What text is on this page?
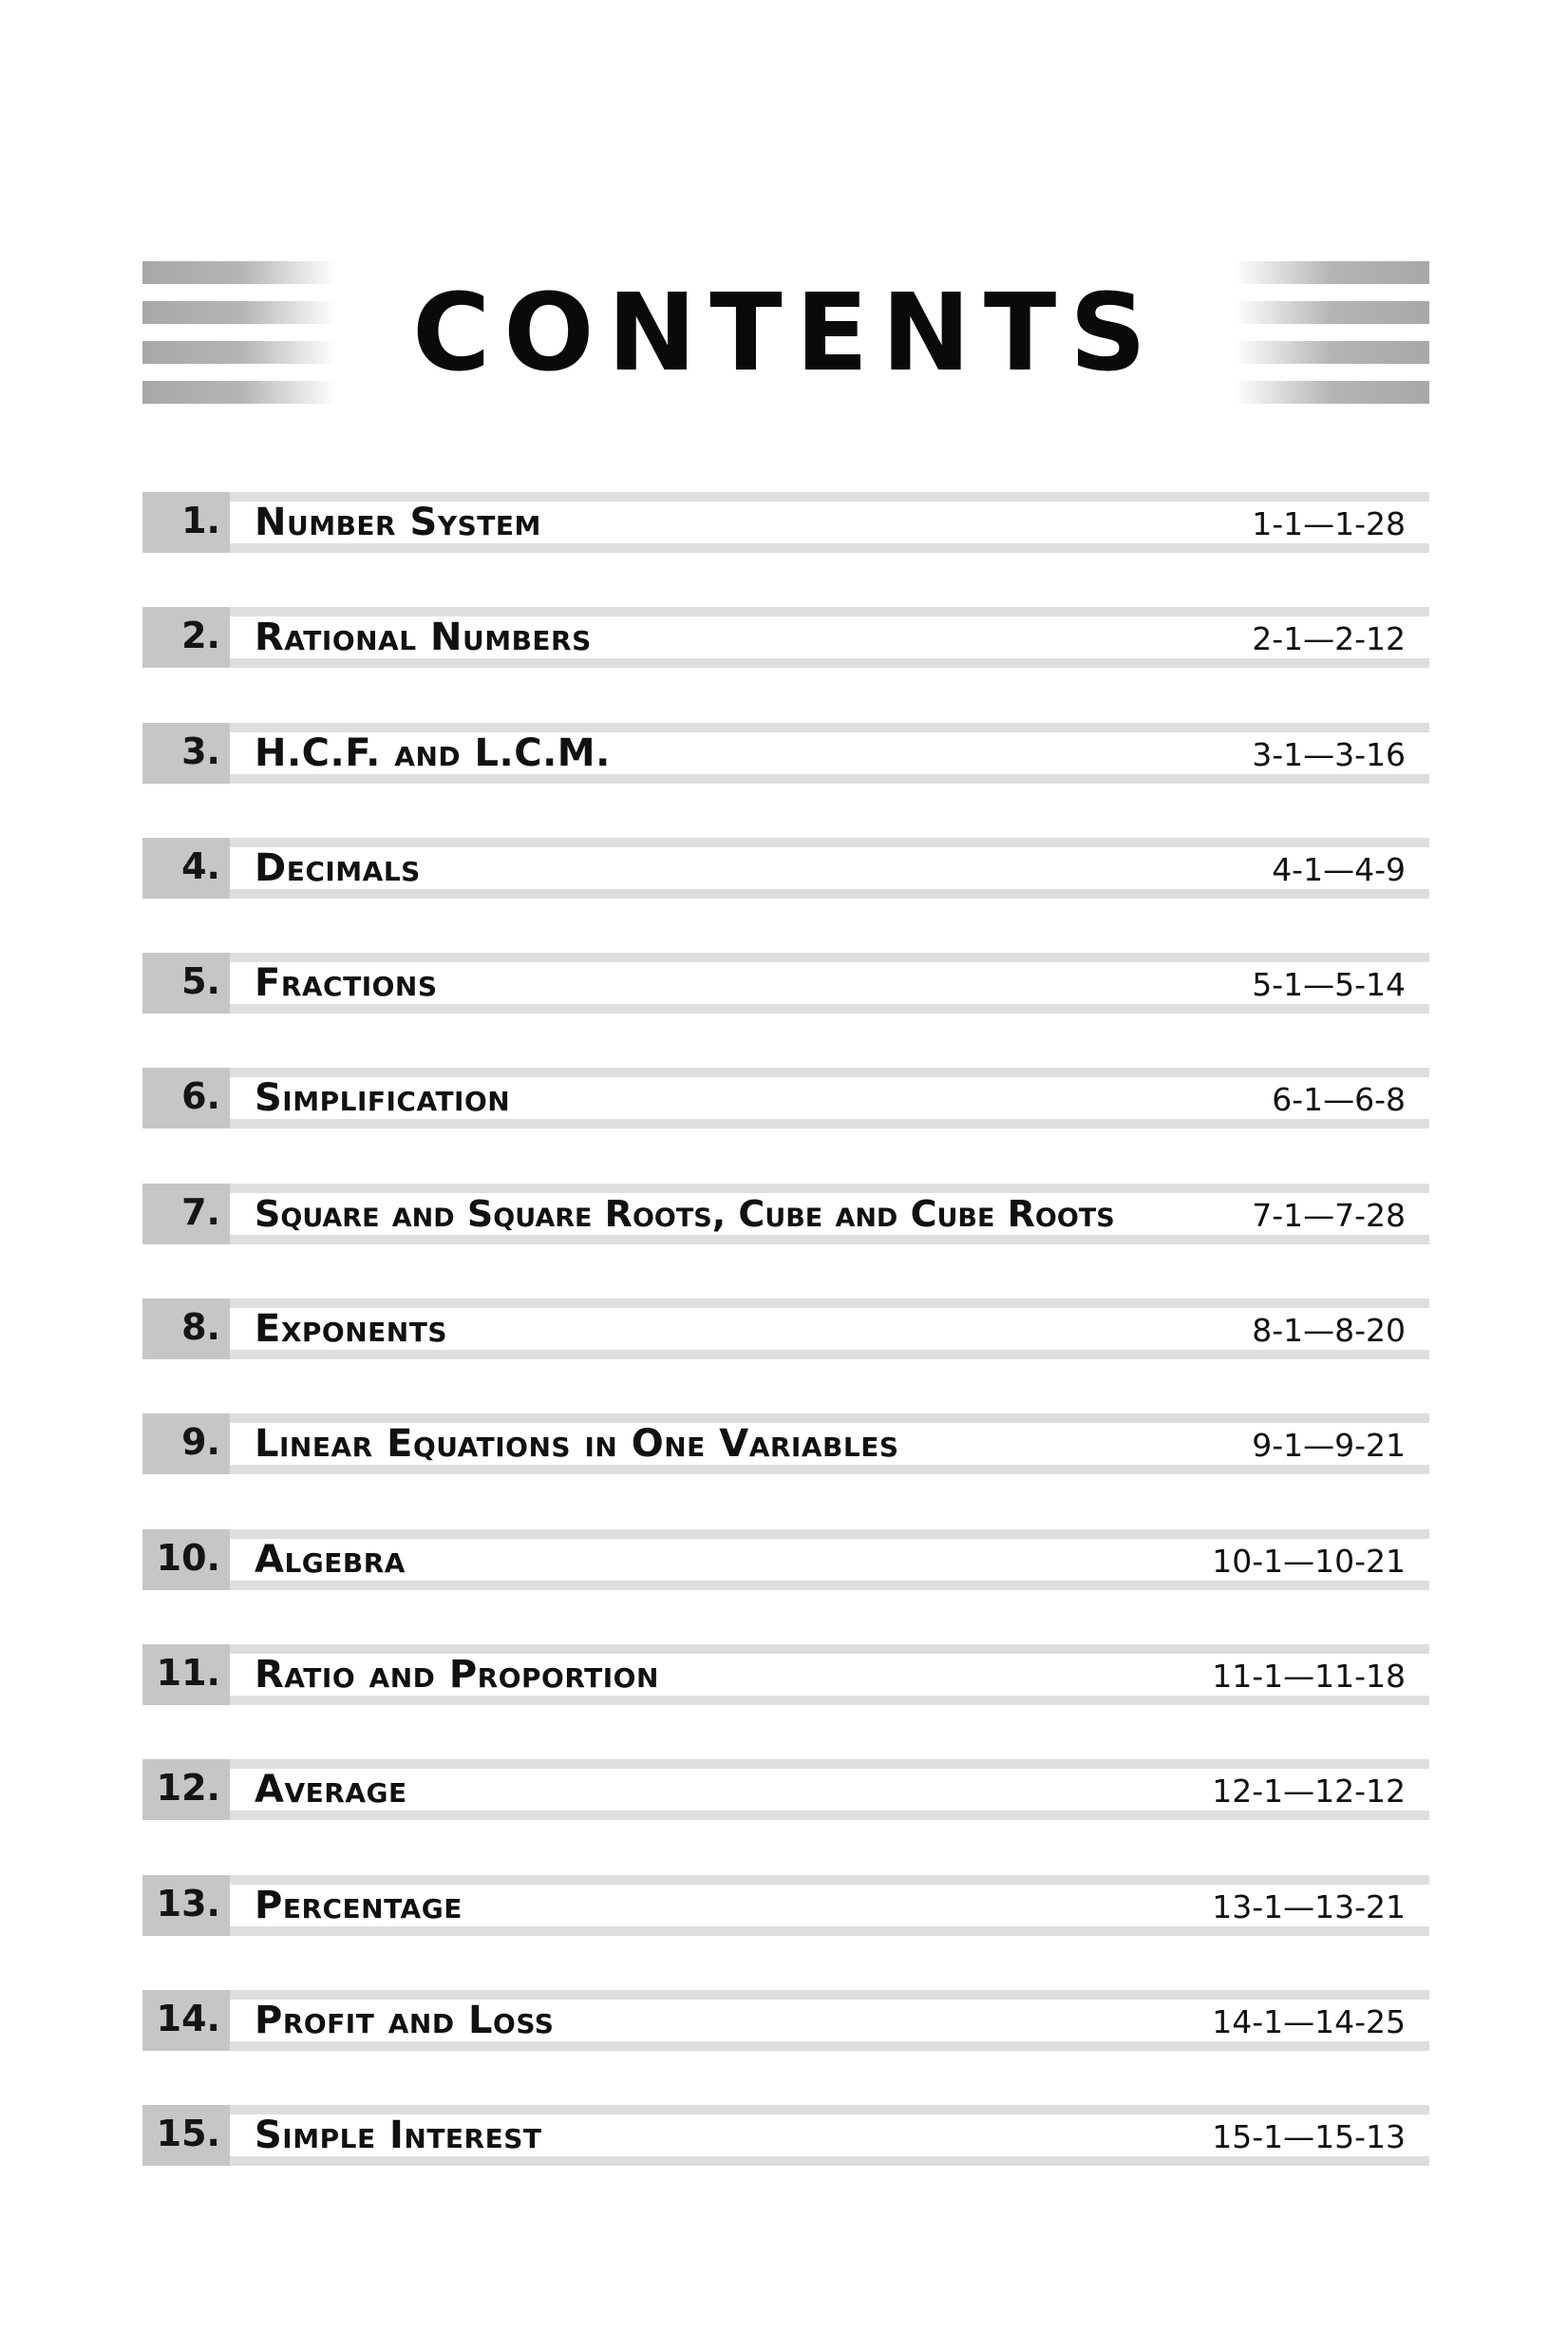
CONTENTS
1. Number System	1-1—1-28
2. Rational Numbers	2-1—2-12
3. H.C.F. and L.C.M.	3-1—3-16
4. Decimals	4-1—4-9
5. Fractions	5-1—5-14
6. Simplification	6-1—6-8
7. Square and Square Roots, Cube and Cube Roots	7-1—7-28
8. Exponents	8-1—8-20
9. Linear Equations in One Variables	9-1—9-21
10. Algebra	10-1—10-21
11. Ratio and Proportion	11-1—11-18
12. Average	12-1—12-12
13. Percentage	13-1—13-21
14. Profit and Loss	14-1—14-25
15. Simple Interest	15-1—15-13
